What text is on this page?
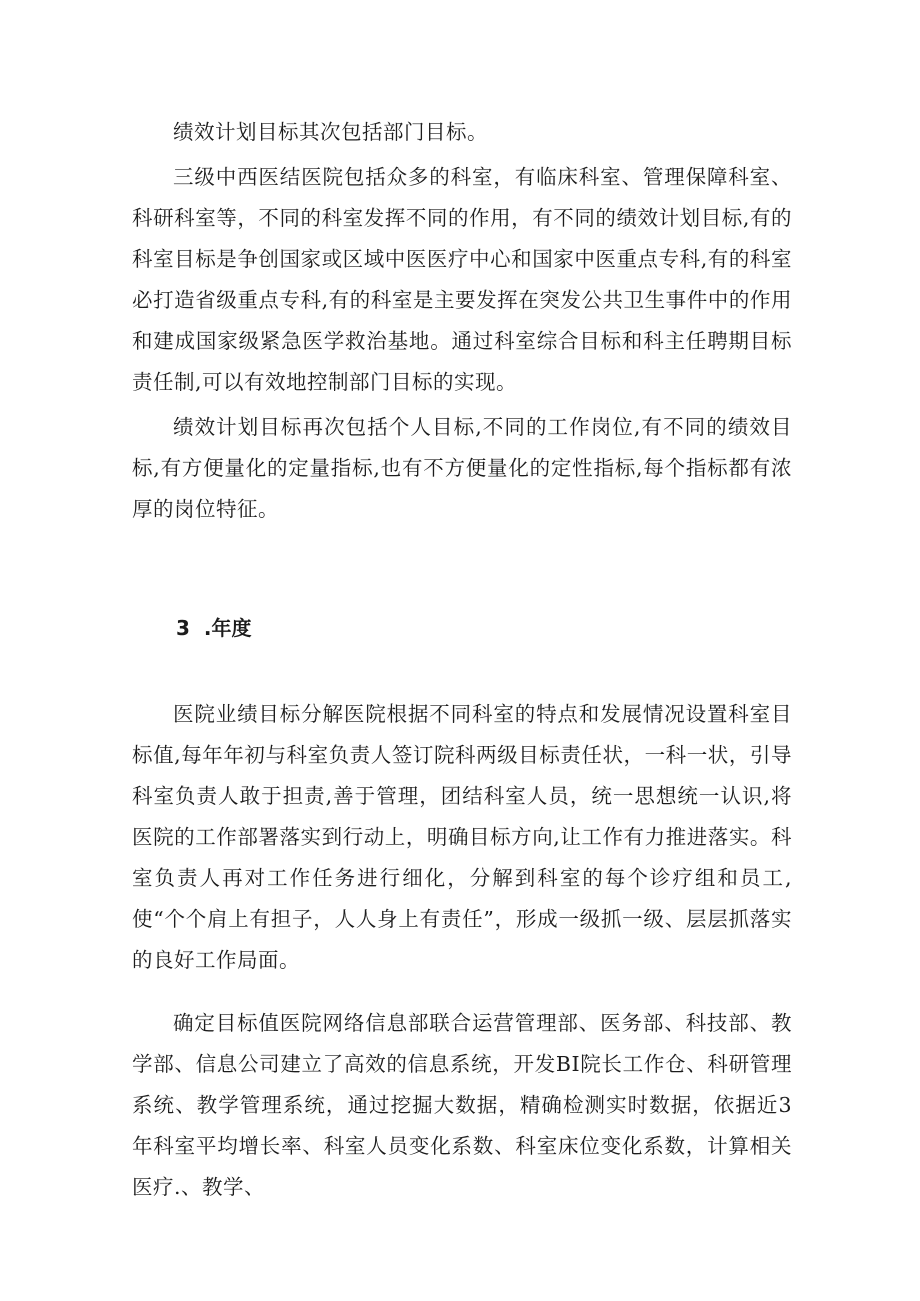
绩效计划目标其次包括部门目标。

三级中西医结医院包括众多的科室，有临床科室、管理保障科室、科研科室等，不同的科室发挥不同的作用，有不同的绩效计划目标,有的科室目标是争创国家或区域中医医疗中心和国家中医重点专科,有的科室必打造省级重点专科,有的科室是主要发挥在突发公共卫生事件中的作用和建成国家级紧急医学救治基地。通过科室综合目标和科主任聘期目标责任制,可以有效地控制部门目标的实现。

绩效计划目标再次包括个人目标,不同的工作岗位,有不同的绩效目标,有方便量化的定量指标,也有不方便量化的定性指标,每个指标都有浓厚的岗位特征。

3  .年度

医院业绩目标分解医院根据不同科室的特点和发展情况设置科室目标值,每年年初与科室负责人签订院科两级目标责任状，一科一状，引导科室负责人敢于担责,善于管理，团结科室人员，统一思想统一认识,将医院的工作部署落实到行动上，明确目标方向,让工作有力推进落实。科室负责人再对工作任务进行细化，分解到科室的每个诊疗组和员工,使“个个肩上有担子，人人身上有责任”，形成一级抓一级、层层抓落实的良好工作局面。

确定目标值医院网络信息部联合运营管理部、医务部、科技部、教学部、信息公司建立了高效的信息系统，开发BI院长工作仓、科研管理系统、教学管理系统，通过挖掘大数据，精确检测实时数据，依据近3年科室平均增长率、科室人员变化系数、科室床位变化系数，计算相关医疗.、教学、
